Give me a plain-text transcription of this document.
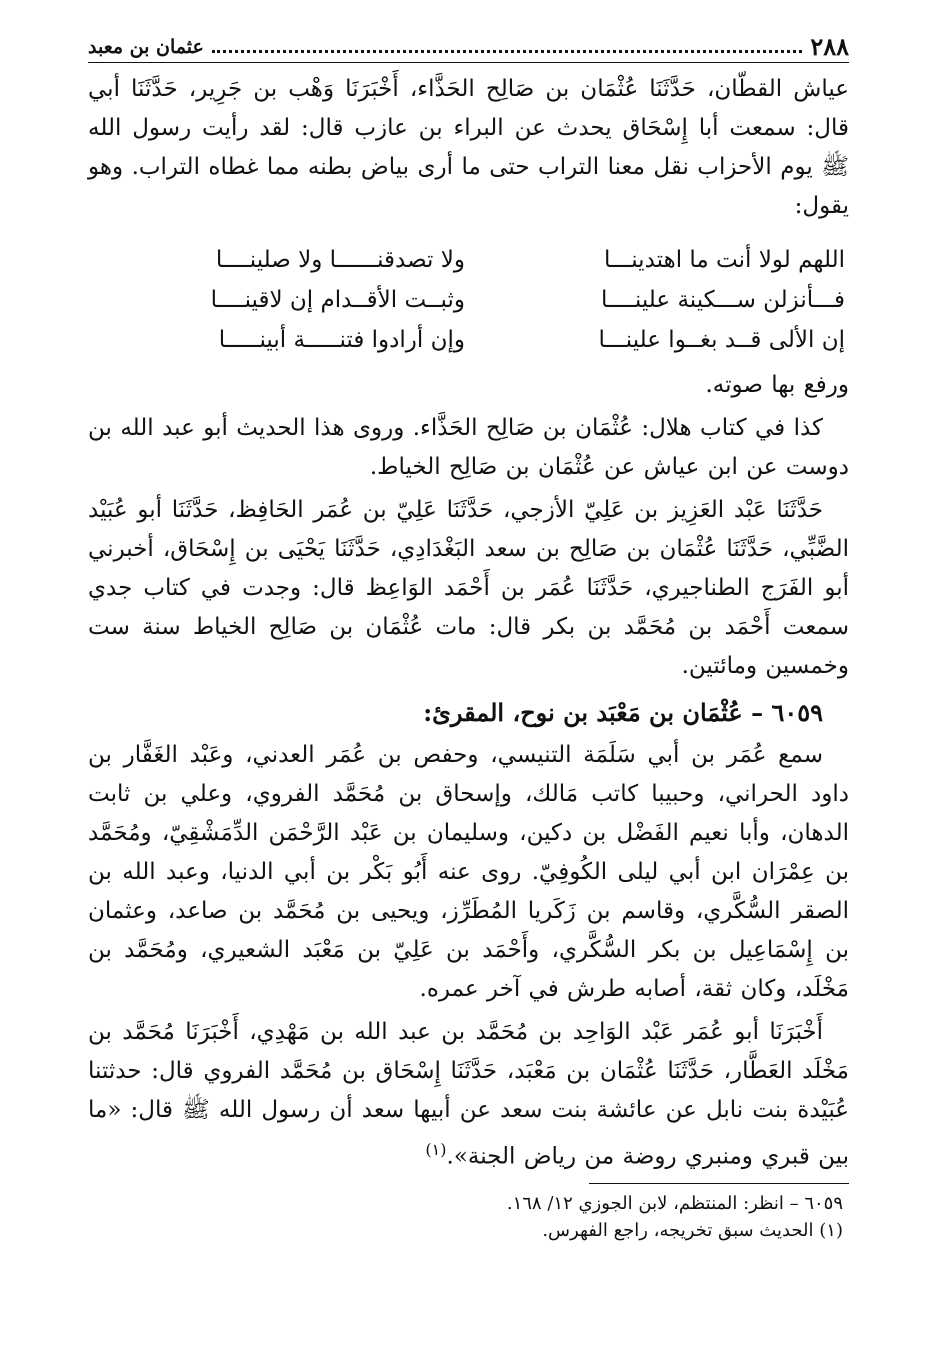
٢٨٨
عثمان بن معبد

عياش القطّان، حَدَّثَنَا عُثْمَان بن صَالِح الحَذَّاء، أَخْبَرَنَا وَهْب بن جَرِير، حَدَّثَنَا أبي قال: سمعت أبا إِسْحَاق يحدث عن البراء بن عازب قال: لقد رأيت رسول الله ﷺ يوم الأحزاب نقل معنا التراب حتى ما أرى بياض بطنه مما غطاه التراب. وهو يقول:

اللهم لولا أنت ما اهتدينـــا
ولا تصدقنــــــا ولا صلينــــا
فـــأنزلن ســـكينة علينــــا
وثبــت الأقــدام إن لاقينــــا
إن الألى قــد بغــوا علينـــا
وإن أرادوا فتنـــــة أبينـــــا

ورفع بها صوته.

كذا في كتاب هلال: عُثْمَان بن صَالِح الحَذَّاء. وروى هذا الحديث أبو عبد الله بن دوست عن ابن عياش عن عُثْمَان بن صَالِح الخياط.

حَدَّثَنَا عَبْد العَزِيز بن عَلِيّ الأزجي، حَدَّثَنَا عَلِيّ بن عُمَر الحَافِظ، حَدَّثَنَا أبو عُبَيْد الضَّبِّي، حَدَّثَنَا عُثْمَان بن صَالِح بن سعد البَغْدَادِي، حَدَّثَنَا يَحْيَى بن إِسْحَاق، أخبرني أبو الفَرَج الطناجيري، حَدَّثَنَا عُمَر بن أَحْمَد الوَاعِظ قال: وجدت في كتاب جدي سمعت أَحْمَد بن مُحَمَّد بن بكر قال: مات عُثْمَان بن صَالِح الخياط سنة ست وخمسين ومائتين.

٦٠٥٩ – عُثْمَان بن مَعْبَد بن نوح، المقرئ:

سمع عُمَر بن أبي سَلَمَة التنيسي، وحفص بن عُمَر العدني، وعَبْد الغَفَّار بن داود الحراني، وحبيبا كاتب مَالك، وإسحاق بن مُحَمَّد الفروي، وعلي بن ثابت الدهان، وأبا نعيم الفَضْل بن دكين، وسليمان بن عَبْد الرَّحْمَن الدِّمَشْقِيّ، ومُحَمَّد بن عِمْرَان ابن أبي ليلى الكُوفِيّ. روى عنه أَبُو بَكْر بن أبي الدنيا، وعبد الله بن الصقر السُّكَّري، وقاسم بن زَكَريا المُطَرِّز، ويحيى بن مُحَمَّد بن صاعد، وعثمان بن إِسْمَاعِيل بن بكر السُّكَّري، وأَحْمَد بن عَلِيّ بن مَعْبَد الشعيري، ومُحَمَّد بن مَخْلَد، وكان ثقة، أصابه طرش في آخر عمره.

أَخْبَرَنَا أبو عُمَر عَبْد الوَاحِد بن مُحَمَّد بن عبد الله بن مَهْدِي، أَخْبَرَنَا مُحَمَّد بن مَخْلَد العَطَّار، حَدَّثَنَا عُثْمَان بن مَعْبَد، حَدَّثَنَا إِسْحَاق بن مُحَمَّد الفروي قال: حدثتنا عُبَيْدة بنت نابل عن عائشة بنت سعد عن أبيها سعد أن رسول الله ﷺ قال: «ما بين قبري ومنبري روضة من رياض الجنة».$^{(١)}$

٦٠٥٩ – انظر: المنتظم، لابن الجوزي ١٢/ ١٦٨.

(١) الحديث سبق تخريجه، راجع الفهرس.
